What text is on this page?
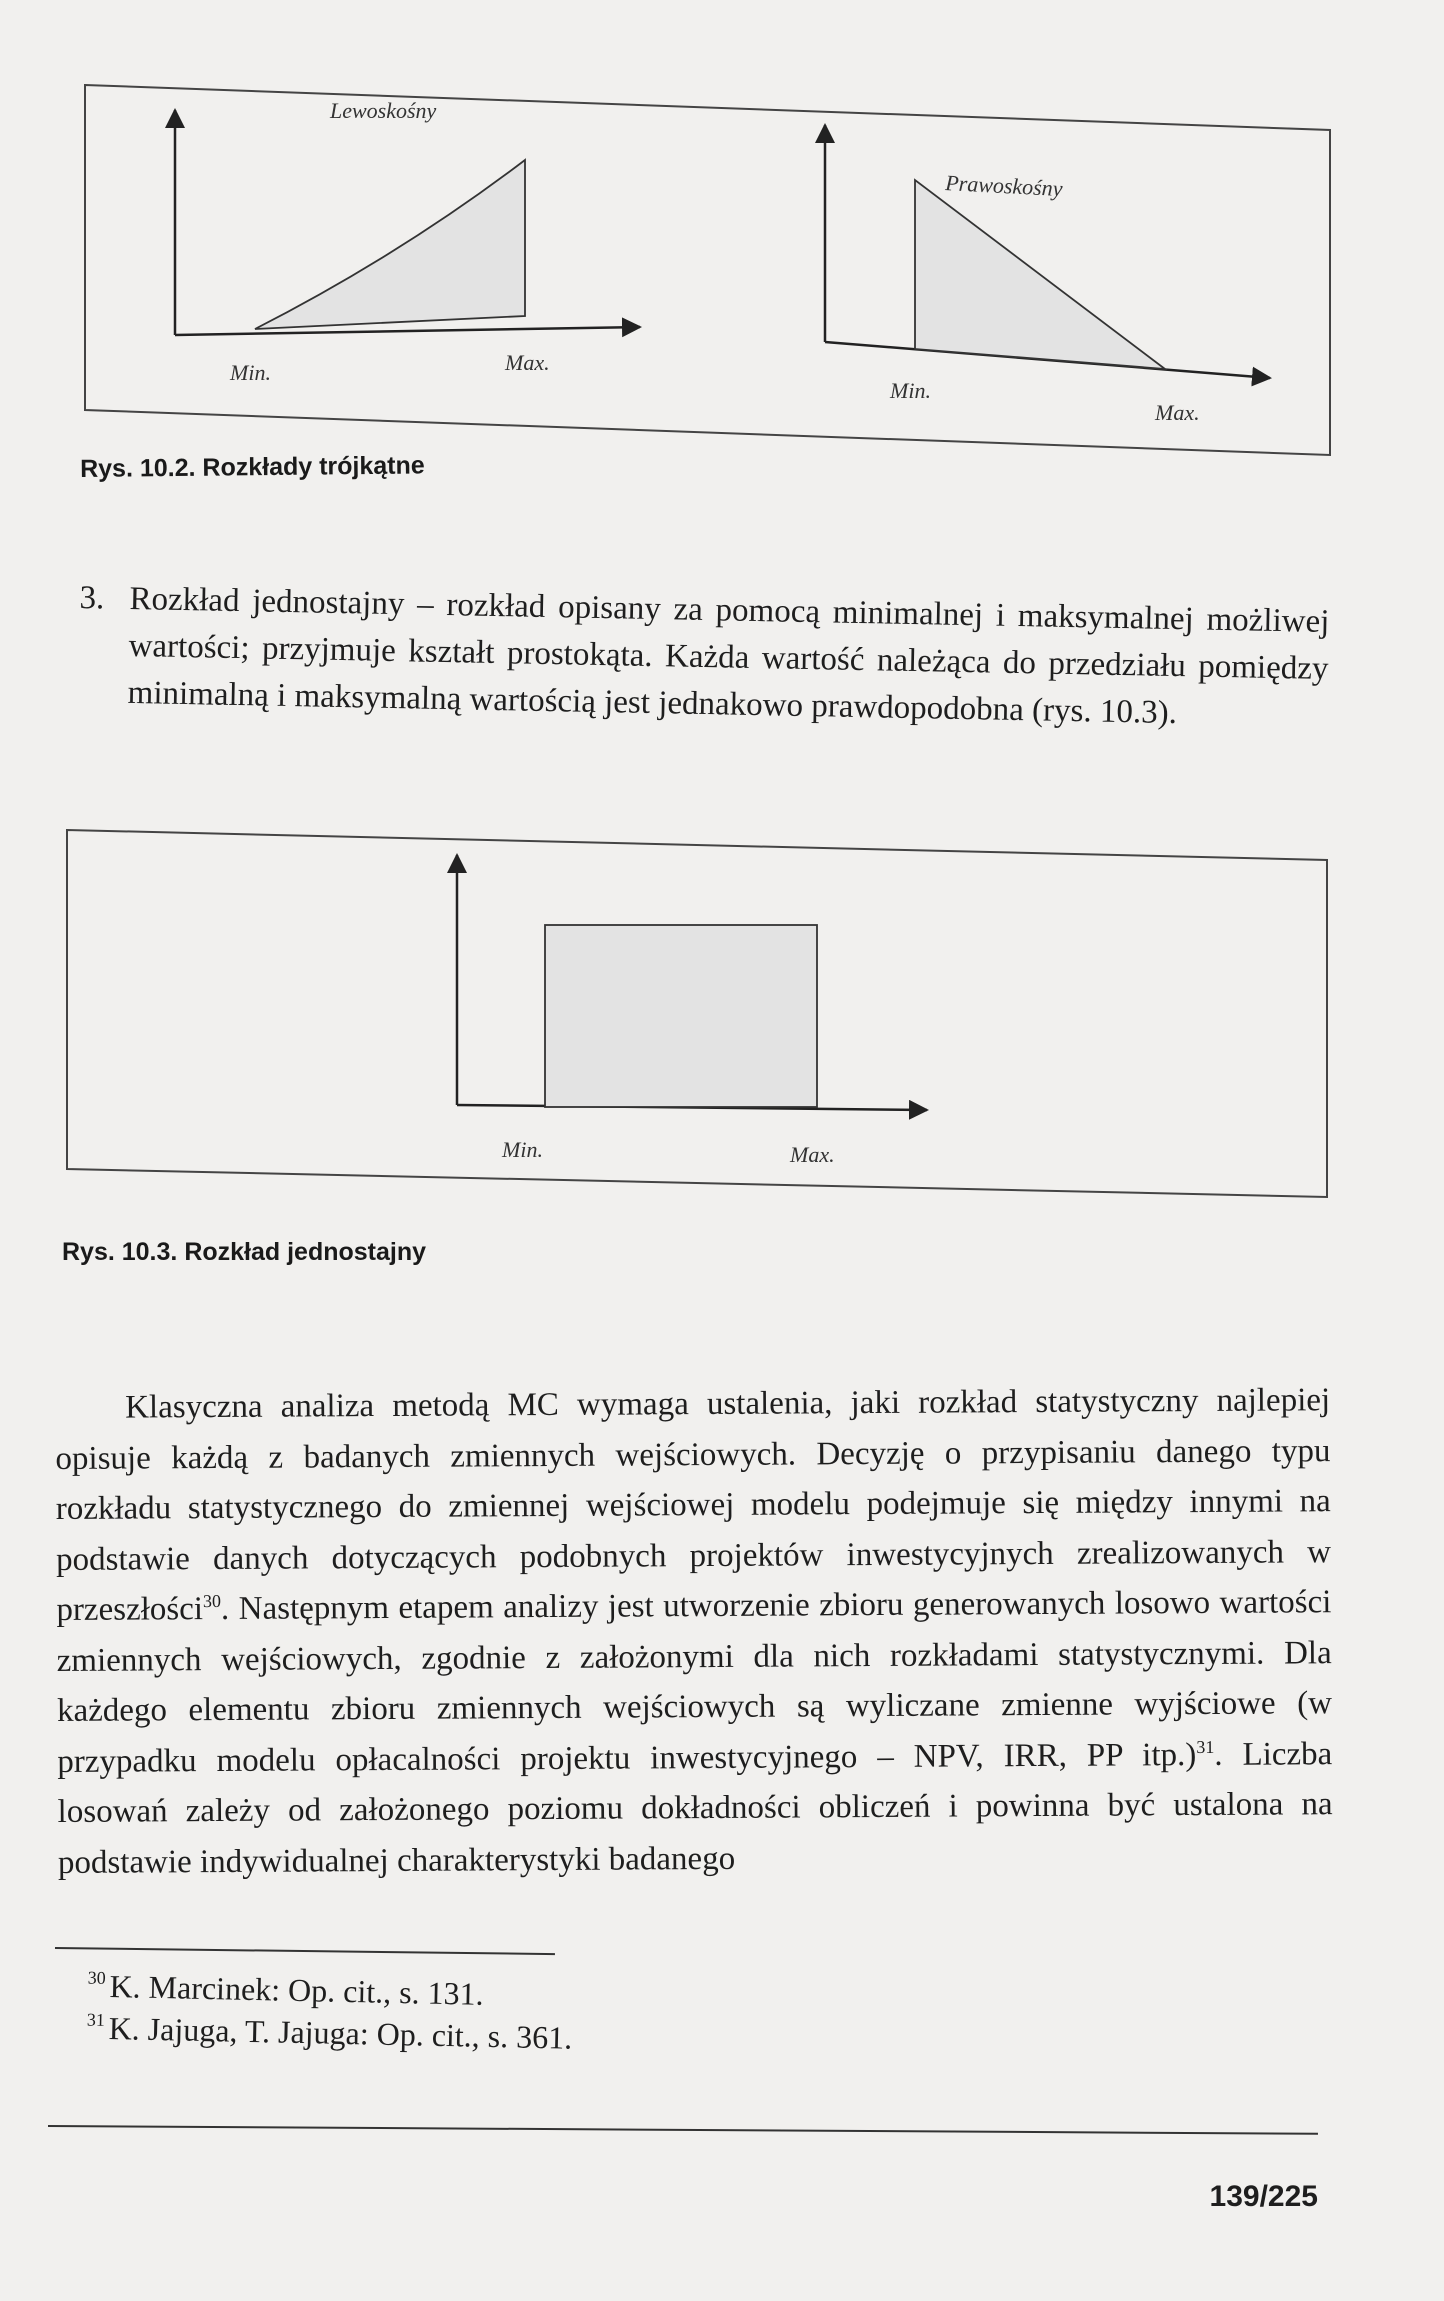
Lewoskośny
Min.	Max.
Prawoskośny
Min.
Max.
Rys. 10.2. Rozkłady trójkątne
3. Rozkład jednostajny – rozkład opisany za pomocą minimalnej i maksymalnej możliwej wartości; przyjmuje kształt prostokąta. Każda wartość należąca do przedziału pomiędzy minimalną i maksymalną wartością jest jednakowo prawdopodobna (rys. 10.3).
Min.	Max.
Rys. 10.3. Rozkład jednostajny

Klasyczna analiza metodą MC wymaga ustalenia, jaki rozkład statystyczny najlepiej opisuje każdą z badanych zmiennych wejściowych. Decyzję o przypisaniu danego typu rozkładu statystycznego do zmiennej wejściowej modelu podejmuje się między innymi na podstawie danych dotyczących podobnych projektów inwestycyjnych zrealizowanych w przeszłości$^{30}$. Następnym etapem analizy jest utworzenie zbioru generowanych losowo wartości zmiennych wejściowych, zgodnie z założonymi dla nich rozkładami statystycznymi. Dla każdego elementu zbioru zmiennych wejściowych są wyliczane zmienne wyjściowe (w przypadku modelu opłacalności projektu inwestycyjnego – NPV, IRR, PP itp.)$^{31}$. Liczba losowań zależy od założonego poziomu dokładności obliczeń i powinna być ustalona na podstawie indywidualnej charakterystyki badanego

30 K. Marcinek: Op. cit., s. 131.
31 K. Jajuga, T. Jajuga: Op. cit., s. 361.
139/225
